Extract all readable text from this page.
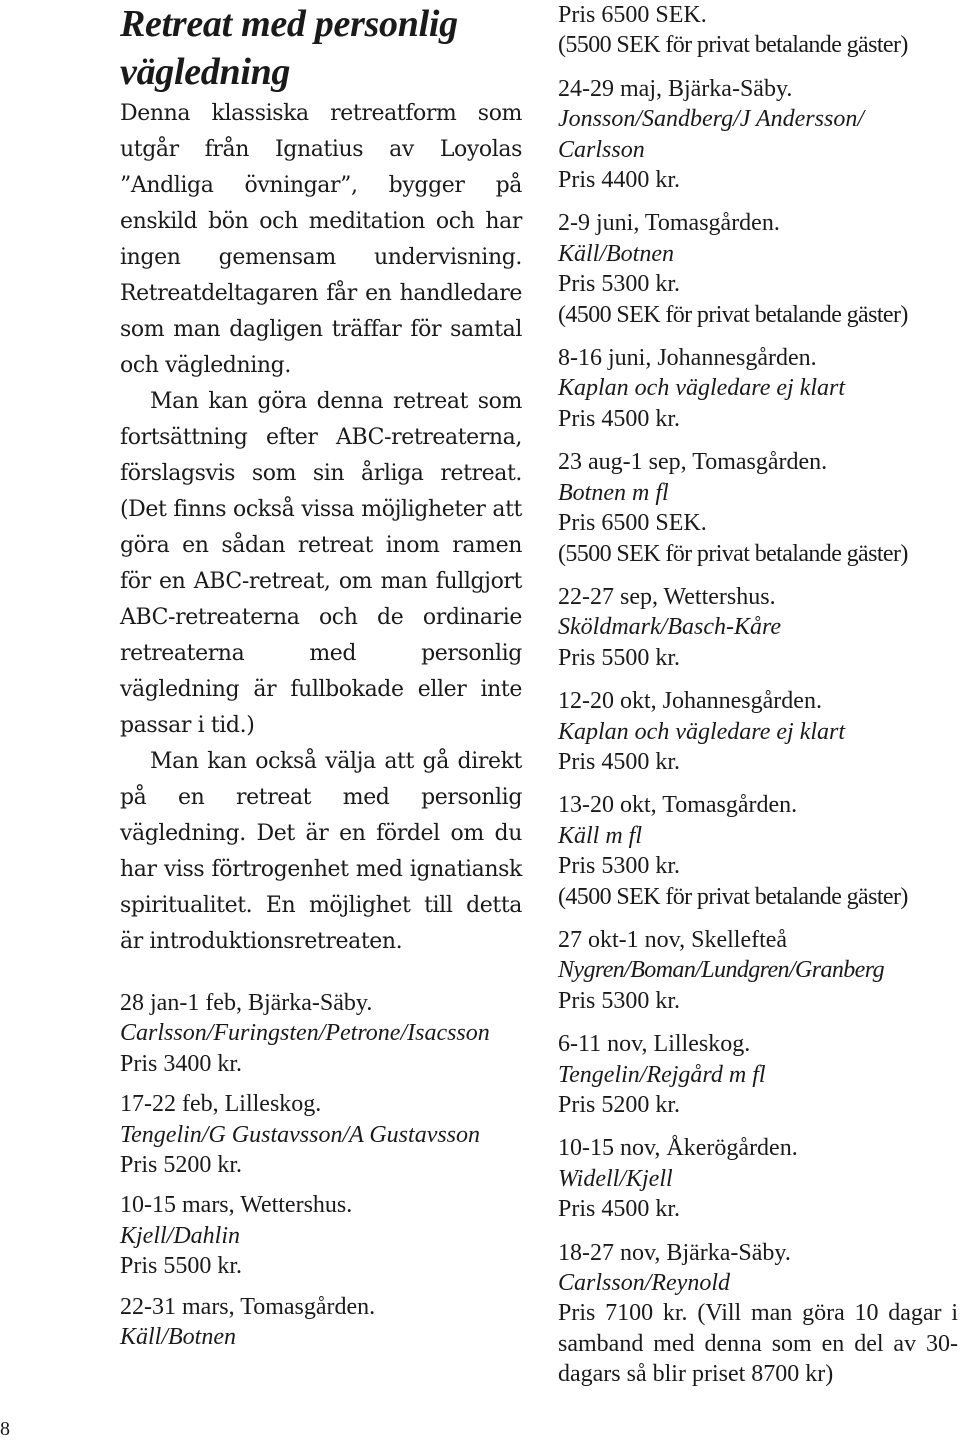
Retreat med personlig vägledning

Denna klassiska retreatform som utgår från Ignatius av Loyolas ”Andliga övningar”, bygger på enskild bön och meditation och har ingen gemensam undervisning. Retreatdeltagaren får en handledare som man dagligen träffar för samtal och vägledning.

Man kan göra denna retreat som fortsättning efter ABC-retreaterna, förslagsvis som sin årliga retreat. (Det finns också vissa möjligheter att göra en sådan retreat inom ramen för en ABC-retreat, om man fullgjort ABC-retreaterna och de ordinarie retreaterna med personlig vägledning är fullbokade eller inte passar i tid.)

Man kan också välja att gå direkt på en retreat med personlig vägledning. Det är en fördel om du har viss förtrogenhet med ignatiansk spiritualitet. En möjlighet till detta är introduktionsretreaten.

28 jan-1 feb, Bjärka-Säby.
Carlsson/Furingsten/Petrone/Isacsson
Pris 3400 kr.
17-22 feb, Lilleskog.
Tengelin/G Gustavsson/A Gustavsson
Pris 5200 kr.
10-15 mars, Wettershus.
Kjell/Dahlin
Pris 5500 kr.
22-31 mars, Tomasgården.
Käll/Botnen
Pris 6500 SEK.
(5500 SEK för privat betalande gäster)
24-29 maj, Bjärka-Säby.
Jonsson/Sandberg/J Andersson/
Carlsson
Pris 4400 kr.
2-9 juni, Tomasgården.
Käll/Botnen
Pris 5300 kr.
(4500 SEK för privat betalande gäster)
8-16 juni, Johannesgården.
Kaplan och vägledare ej klart
Pris 4500 kr.
23 aug-1 sep, Tomasgården.
Botnen m fl
Pris 6500 SEK.
(5500 SEK för privat betalande gäster)
22-27 sep, Wettershus.
Sköldmark/Basch-Kåre
Pris 5500 kr.
12-20 okt, Johannesgården.
Kaplan och vägledare ej klart
Pris 4500 kr.
13-20 okt, Tomasgården.
Käll m fl
Pris 5300 kr.
(4500 SEK för privat betalande gäster)
27 okt-1 nov, Skellefteå
Nygren/Boman/Lundgren/Granberg
Pris 5300 kr.
6-11 nov, Lilleskog.
Tengelin/Rejgård m fl
Pris 5200 kr.
10-15 nov, Åkerögården.
Widell/Kjell
Pris 4500 kr.
18-27 nov, Bjärka-Säby.
Carlsson/Reynold
Pris 7100 kr. (Vill man göra 10 dagar i samband med denna som en del av 30-dagars så blir priset 8700 kr)
8
